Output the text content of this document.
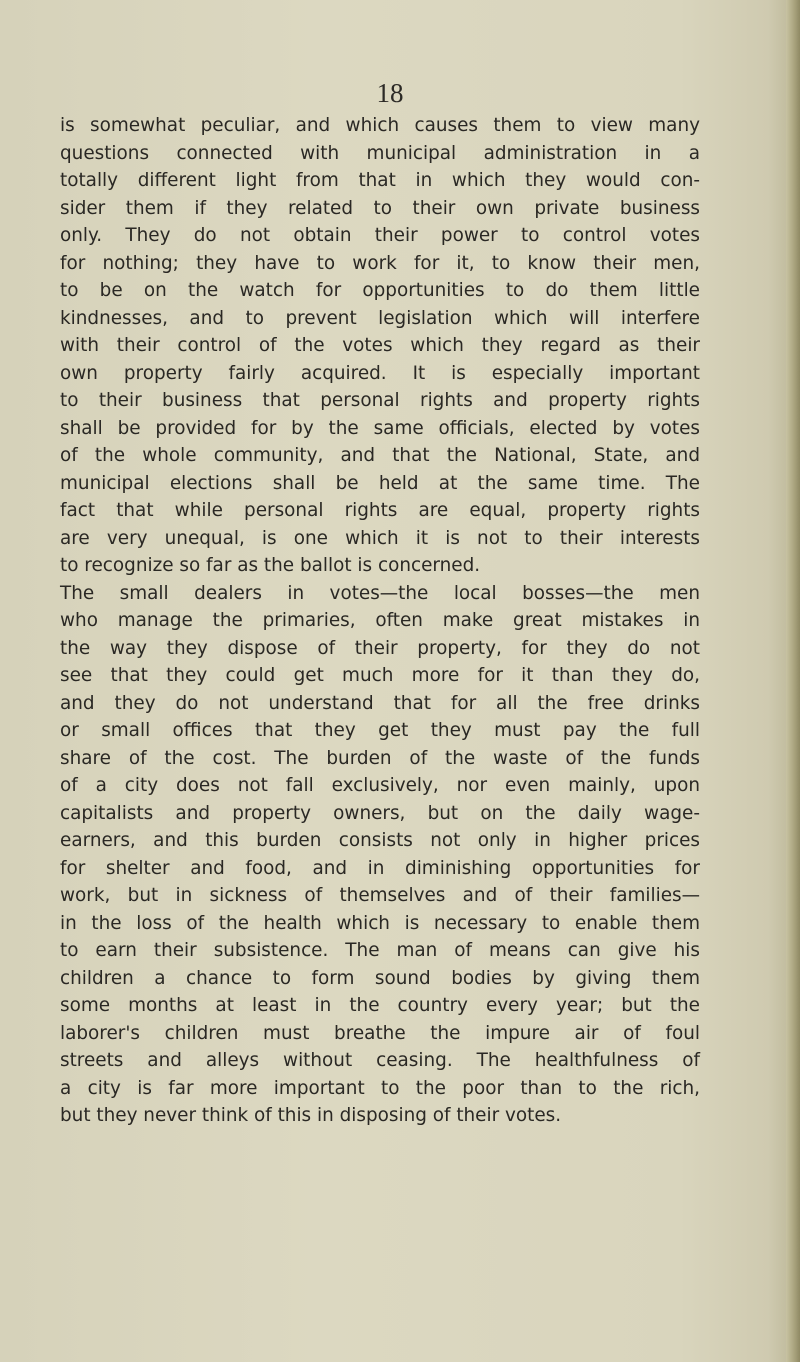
18
is somewhat peculiar, and which causes them to view many
questions connected with municipal administration in a
totally different light from that in which they would con-
sider them if they related to their own private business
only. They do not obtain their power to control votes
for nothing; they have to work for it, to know their men,
to be on the watch for opportunities to do them little
kindnesses, and to prevent legislation which will interfere
with their control of the votes which they regard as their
own property fairly acquired. It is especially important
to their business that personal rights and property rights
shall be provided for by the same officials, elected by votes
of the whole community, and that the National, State, and
municipal elections shall be held at the same time. The
fact that while personal rights are equal, property rights
are very unequal, is one which it is not to their interests
to recognize so far as the ballot is concerned.
The small dealers in votes—the local bosses—the men
who manage the primaries, often make great mistakes in
the way they dispose of their property, for they do not
see that they could get much more for it than they do,
and they do not understand that for all the free drinks
or small offices that they get they must pay the full
share of the cost. The burden of the waste of the funds
of a city does not fall exclusively, nor even mainly, upon
capitalists and property owners, but on the daily wage-
earners, and this burden consists not only in higher prices
for shelter and food, and in diminishing opportunities for
work, but in sickness of themselves and of their families—
in the loss of the health which is necessary to enable them
to earn their subsistence. The man of means can give his
children a chance to form sound bodies by giving them
some months at least in the country every year; but the
laborer's children must breathe the impure air of foul
streets and alleys without ceasing. The healthfulness of
a city is far more important to the poor than to the rich,
but they never think of this in disposing of their votes.
